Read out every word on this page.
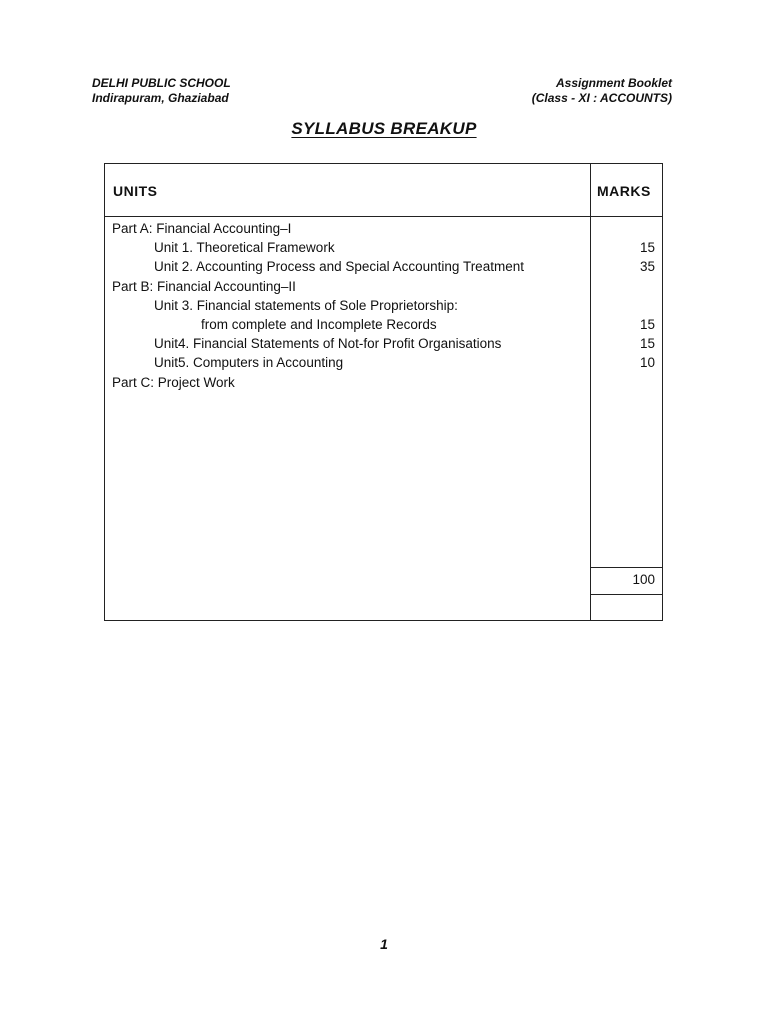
DELHI PUBLIC SCHOOL
Indirapuram, Ghaziabad
Assignment Booklet
(Class - XI : ACCOUNTS)
SYLLABUS BREAKUP
UNITS	MARKS
Part A: Financial Accounting–I
Unit 1. Theoretical Framework
Unit 2. Accounting Process and Special Accounting Treatment
Part B: Financial Accounting–II
Unit 3. Financial statements of Sole Proprietorship:
from complete and Incomplete Records
Unit4. Financial Statements of Not-for Profit Organisations
Unit5. Computers in Accounting
Part C: Project Work
15
35
15
15
10
100
1
